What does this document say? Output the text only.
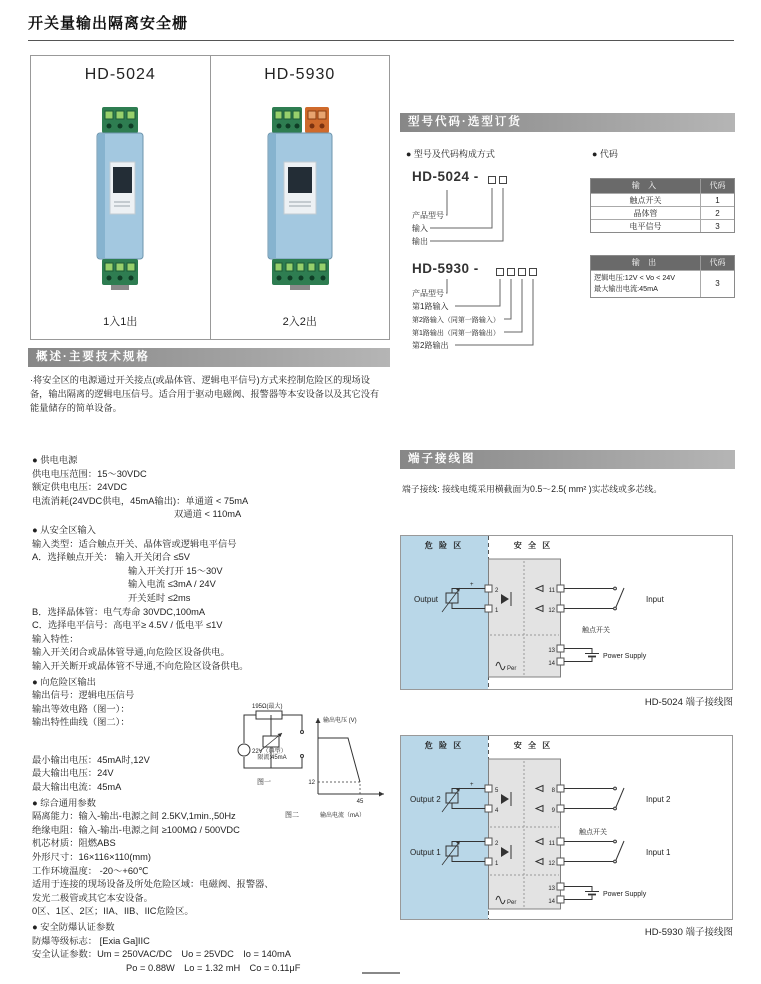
开关量输出隔离安全栅
HD-5024
1入1出
HD-5930
2入2出
型号代码·选型订货
● 型号及代码构成方式	● 代码
HD-5024 -
产品型号
输入
输出
输 入	代码
触点开关	1
晶体管	2
电平信号	3
HD-5930 -
产品型号
第1路输入
第2路输入（同第一路输入）
第1路输出（同第一路输出）
第2路输出
输 出	代码
逻辑电压:12V < Vo < 24V
最大输出电流:45mA	3
概述·主要技术规格
·将安全区的电源通过开关接点(或晶体管、逻辑电平信号)方式来控制危险区的现场设备，输出隔离的逻辑电压信号。适合用于驱动电磁阀、报警器等本安设备以及其它没有能量储存的简单设备。
● 供电电源
供电电压范围：15～30VDC
额定供电电压：24VDC
电流消耗(24VDC供电，45mA输出)：单通道 < 75mA
双通道 < 110mA
● 从安全区输入
输入类型：适合触点开关、晶体管或逻辑电平信号
A．选择触点开关： 输入开关闭合 ≤5V
输入开关打开 15～30V
输入电流 ≤3mA / 24V
开关延时 ≤2ms
B．选择晶体管：电气寿命 30VDC,100mA
C．选择电平信号：高电平≥ 4.5V / 低电平 ≤1V
输入特性：
输入开关闭合或晶体管导通,向危险区设备供电。
输入开关断开或晶体管不导通,不向危险区设备供电。
● 向危险区输出
输出信号：逻辑电压信号
输出等效电路（图一）：
输出特性曲线（图二）：
最小输出电压：45mA时,12V
最大输出电压：24V
最大输出电流：45mA
● 综合通用参数
隔离能力：输入-输出-电源之间 2.5KV,1min.,50Hz
绝缘电阻：输入-输出-电源之间 ≥100MΩ / 500VDC
机芯材质：阻燃ABS
外形尺寸：16×116×110(mm)
工作环境温度： -20～+60℃
适用于连接的现场设备及所处危险区域：电磁阀、报警器、
发光二极管或其它本安设备。
0区、1区、2区；IIA、IIB、IIC危险区。
● 安全防爆认证参数
防爆等级标志： [Exia Ga]IIC
安全认证参数：Um = 250VAC/DC　Uo = 25VDC　Io = 140mA
Po = 0.88W　Lo = 1.32 mH　Co = 0.11μF
195Ω(最大)
22V（典型）
限流:45mA
图一
输出电压 (V)
12
45
输出电流（mA）
图二
端子接线图
端子接线: 接线电缆采用横截面为0.5～2.5( mm² )实芯线或多芯线。
危 险 区	安 全 区
Per
2
1
11
12
13
14
Output
+
触点开关
Input
Power Supply
HD-5024 端子接线图
危 险 区	安 全 区
Per
5
4
2
1
8
9
11
12
13
14
Output 2
Output 1
+
触点开关
Input 2
Input 1
Power Supply
HD-5930 端子接线图
